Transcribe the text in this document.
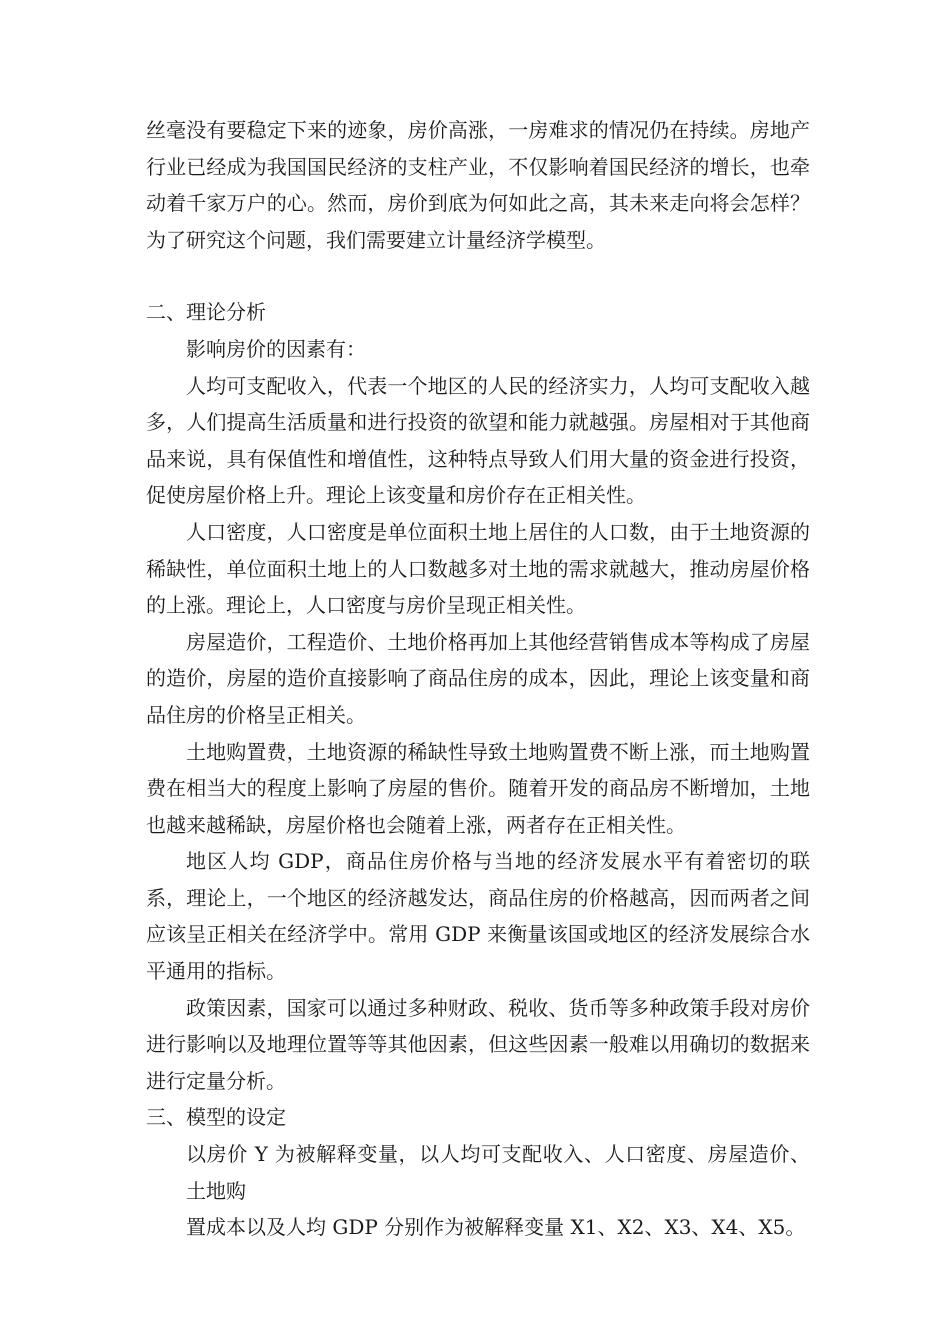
丝毫没有要稳定下来的迹象，房价高涨，一房难求的情况仍在持续。房地产行业已经成为我国国民经济的支柱产业，不仅影响着国民经济的增长，也牵动着千家万户的心。然而，房价到底为何如此之高，其未来走向将会怎样？为了研究这个问题，我们需要建立计量经济学模型。

二、理论分析

影响房价的因素有：

人均可支配收入，代表一个地区的人民的经济实力，人均可支配收入越多，人们提高生活质量和进行投资的欲望和能力就越强。房屋相对于其他商品来说，具有保值性和增值性，这种特点导致人们用大量的资金进行投资，促使房屋价格上升。理论上该变量和房价存在正相关性。

人口密度，人口密度是单位面积土地上居住的人口数，由于土地资源的稀缺性，单位面积土地上的人口数越多对土地的需求就越大，推动房屋价格的上涨。理论上，人口密度与房价呈现正相关性。

房屋造价，工程造价、土地价格再加上其他经营销售成本等构成了房屋的造价，房屋的造价直接影响了商品住房的成本，因此，理论上该变量和商品住房的价格呈正相关。

土地购置费，土地资源的稀缺性导致土地购置费不断上涨，而土地购置费在相当大的程度上影响了房屋的售价。随着开发的商品房不断增加，土地也越来越稀缺，房屋价格也会随着上涨，两者存在正相关性。

地区人均 GDP，商品住房价格与当地的经济发展水平有着密切的联系，理论上，一个地区的经济越发达，商品住房的价格越高，因而两者之间应该呈正相关在经济学中。常用 GDP 来衡量该国或地区的经济发展综合水平通用的指标。

政策因素，国家可以通过多种财政、税收、货币等多种政策手段对房价进行影响以及地理位置等等其他因素，但这些因素一般难以用确切的数据来进行定量分析。

三、模型的设定

以房价 Y 为被解释变量，以人均可支配收入、人口密度、房屋造价、土地购
置成本以及人均 GDP 分别作为被解释变量 X1、X2、X3、X4、X5。
